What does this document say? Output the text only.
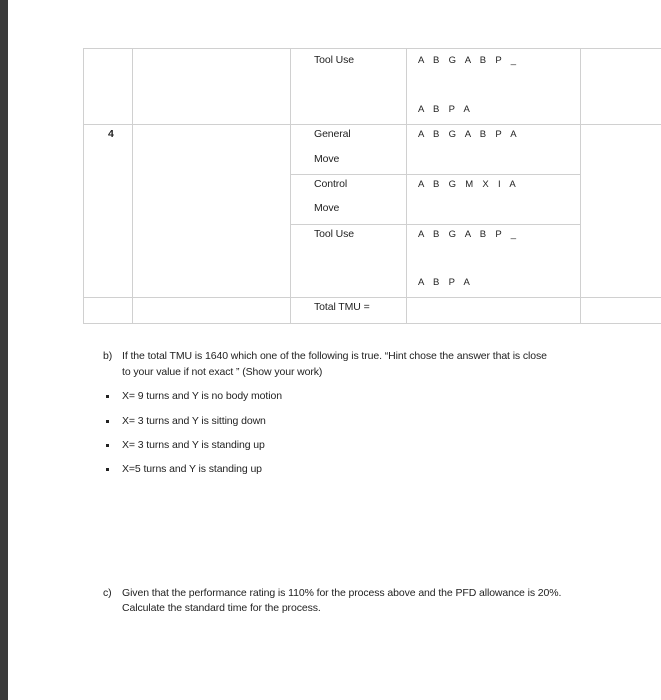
4
Tool Use	A B G A B P _
A B P A
General
Move
A B G A B P A
Control
Move
A B G M X I A
Tool Use	A B G A B P _
A B P A
Total TMU =
b) If the total TMU is 1640 which one of the following is true. “Hint chose the answer that is close
to your value if not exact ” (Show your work)
X= 9 turns and Y is no body motion
X= 3 turns and Y is sitting down
X= 3 turns and Y is standing up
X=5 turns and Y is standing up
c) Given that the performance rating is 110% for the process above and the PFD allowance is 20%.
Calculate the standard time for the process.
